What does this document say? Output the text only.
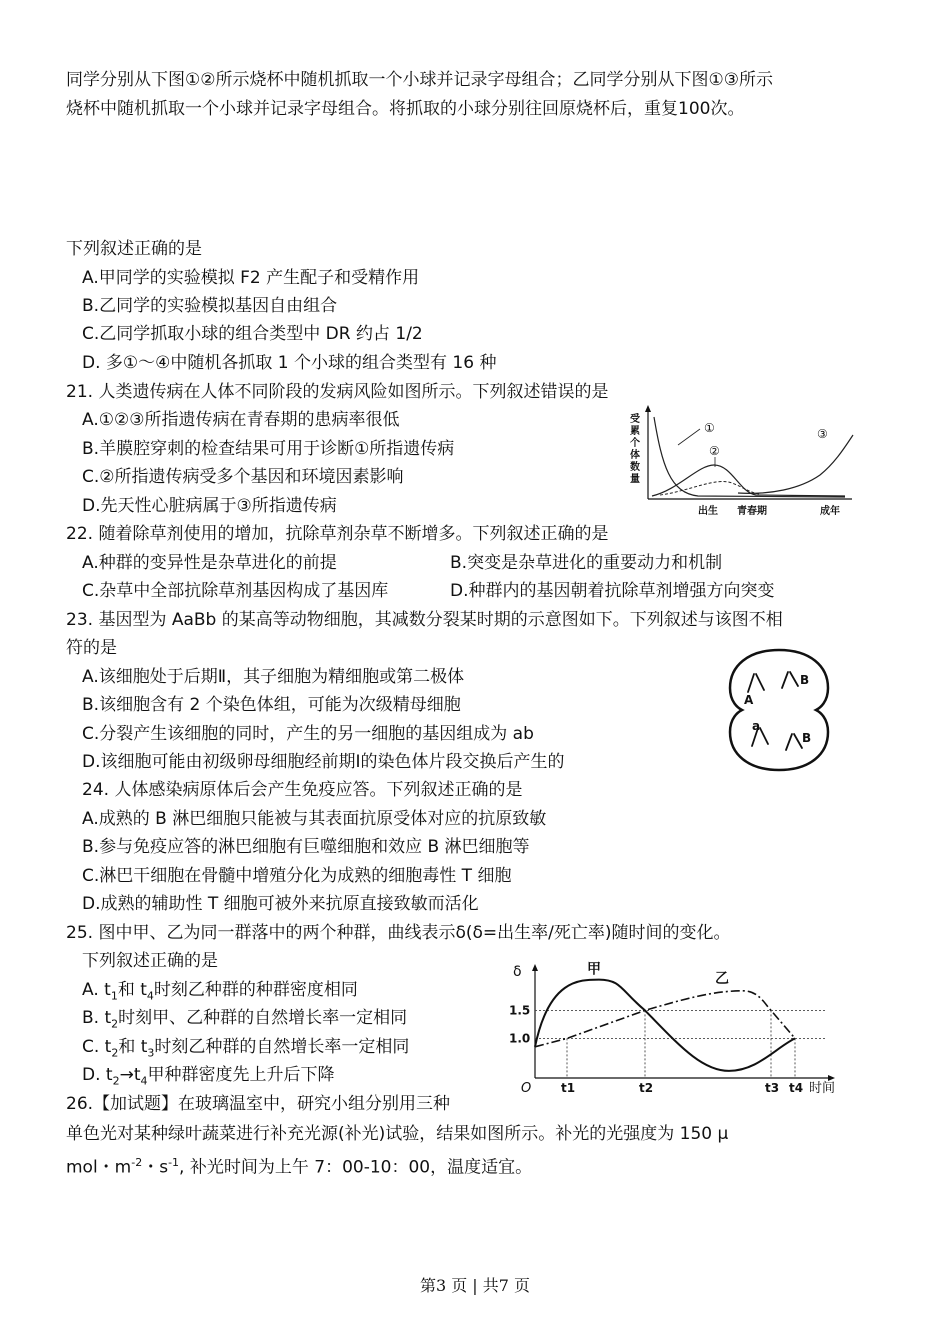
同学分别从下图①②所示烧杯中随机抓取一个小球并记录字母组合；乙同学分别从下图①③所示
烧杯中随机抓取一个小球并记录字母组合。将抓取的小球分别往回原烧杯后，重复100次。
下列叙述正确的是
A.甲同学的实验模拟 F2 产生配子和受精作用
B.乙同学的实验模拟基因自由组合
C.乙同学抓取小球的组合类型中 DR 约占 1/2
D. 多①～④中随机各抓取 1 个小球的组合类型有 16 种
21. 人类遗传病在人体不同阶段的发病风险如图所示。下列叙述错误的是
A.①②③所指遗传病在青春期的患病率很低
B.羊膜腔穿刺的检查结果可用于诊断①所指遗传病
C.②所指遗传病受多个基因和环境因素影响
D.先天性心脏病属于③所指遗传病
受
累
个
体
数
量
①
②
③
出生 青春期	成年
22. 随着除草剂使用的增加，抗除草剂杂草不断增多。下列叙述正确的是
A.种群的变异性是杂草进化的前提	B.突变是杂草进化的重要动力和机制
C.杂草中全部抗除草剂基因构成了基因库	D.种群内的基因朝着抗除草剂增强方向突变
23. 基因型为 AaBb 的某高等动物细胞，其减数分裂某时期的示意图如下。下列叙述与该图不相
符的是
A.该细胞处于后期Ⅱ，其子细胞为精细胞或第二极体
B.该细胞含有 2 个染色体组，可能为次级精母细胞
C.分裂产生该细胞的同时，产生的另一细胞的基因组成为 ab
D.该细胞可能由初级卵母细胞经前期Ⅰ的染色体片段交换后产生的
A
B
a
B
24. 人体感染病原体后会产生免疫应答。下列叙述正确的是
A.成熟的 B 淋巴细胞只能被与其表面抗原受体对应的抗原致敏
B.参与免疫应答的淋巴细胞有巨噬细胞和效应 B 淋巴细胞等
C.淋巴干细胞在骨髓中增殖分化为成熟的细胞毒性 T 细胞
D.成熟的辅助性 T 细胞可被外来抗原直接致敏而活化
25. 图中甲、乙为同一群落中的两个种群，曲线表示δ(δ=出生率/死亡率)随时间的变化。
下列叙述正确的是
A. $t_1$和 $t_4$时刻乙种群的种群密度相同
B. $t_2$时刻甲、乙种群的自然增长率一定相同
C. $t_2$和 $t_3$时刻乙种群的自然增长率一定相同
D. $t_2\to t_4$甲种群密度先上升后下降
δ
1.0
1.5
O t1	t2	t3 t4 时间
甲
乙
26.【加试题】在玻璃温室中，研究小组分别用三种
单色光对某种绿叶蔬菜进行补充光源(补光)试验，结果如图所示。补光的光强度为 150 μ
mol・$m^{-2}$・$s^{-1}$, 补光时间为上午 7：00-10：00，温度适宜。
第3 页 | 共7 页
